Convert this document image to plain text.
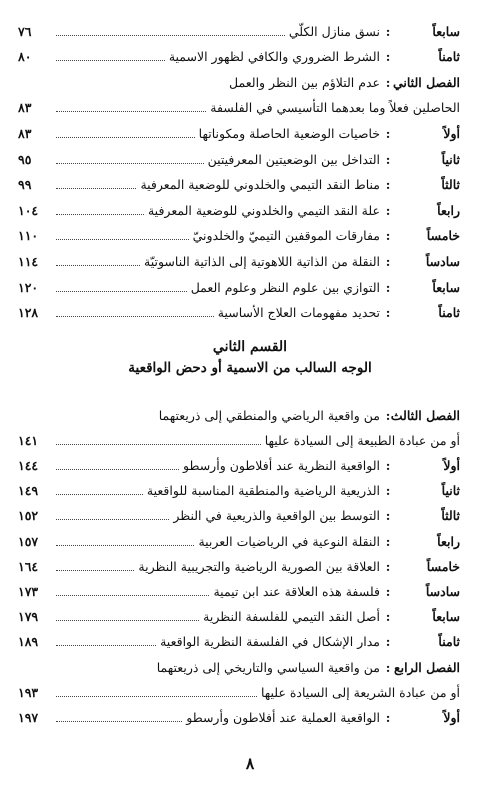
القسم الثاني
الوجه السالب من الاسمية أو دحض الواقعية
سابعاً
:
نسق منازل الكلّي
٧٦
ثامناً
:
الشرط الضروري والكافي لظهور الاسمية
٨٠
الفصل الثاني
:
عدم التلاؤم بين النظر والعمل
الحاصلين فعلاً وما بعدهما التأسيسي في الفلسفة
٨٣
أولاً
:
خاصيات الوضعية الحاصلة ومكوناتها
٨٣
ثانياً
:
التداخل بين الوضعيتين المعرفيتين
٩٥
ثالثاً
:
مناط النقد التيمي والخلدوني للوضعية المعرفية
٩٩
رابعاً
:
علة النقد التيمي والخلدوني للوضعية المعرفية
١٠٤
خامساً
:
مفارقات الموقفين التيميّ والخلدونيّ
١١٠
سادساً
:
النقلة من الذاتية اللاهوتية إلى الذاتية الناسوتيّة
١١٤
سابعاً
:
التوازي بين علوم النظر وعلوم العمل
١٢٠
ثامناً
:
تحديد مفهومات العلاج الأساسية
١٢٨
الفصل الثالث
:
من واقعية الرياضي والمنطقي إلى ذريعتهما
أو من عبادة الطبيعة إلى السيادة عليها
١٤١
أولاً
:
الواقعية النظرية عند أفلاطون وأرسطو
١٤٤
ثانياً
:
الذريعية الرياضية والمنطقية المناسبة للواقعية
١٤٩
ثالثاً
:
التوسط بين الواقعية والذريعية في النظر
١٥٢
رابعاً
:
النقلة النوعية في الرياضيات العربية
١٥٧
خامساً
:
العلاقة بين الصورية الرياضية والتجريبية النظرية
١٦٤
سادساً
:
فلسفة هذه العلاقة عند ابن تيمية
١٧٣
سابعاً
:
أصل النقد التيمي للفلسفة النظرية
١٧٩
ثامناً
:
مدار الإشكال في الفلسفة النظرية الواقعية
١٨٩
الفصل الرابع
:
من واقعية السياسي والتاريخي إلى ذريعتهما
أو من عبادة الشريعة إلى السيادة عليها
١٩٣
أولاً
:
الواقعية العملية عند أفلاطون وأرسطو
١٩٧
٨
